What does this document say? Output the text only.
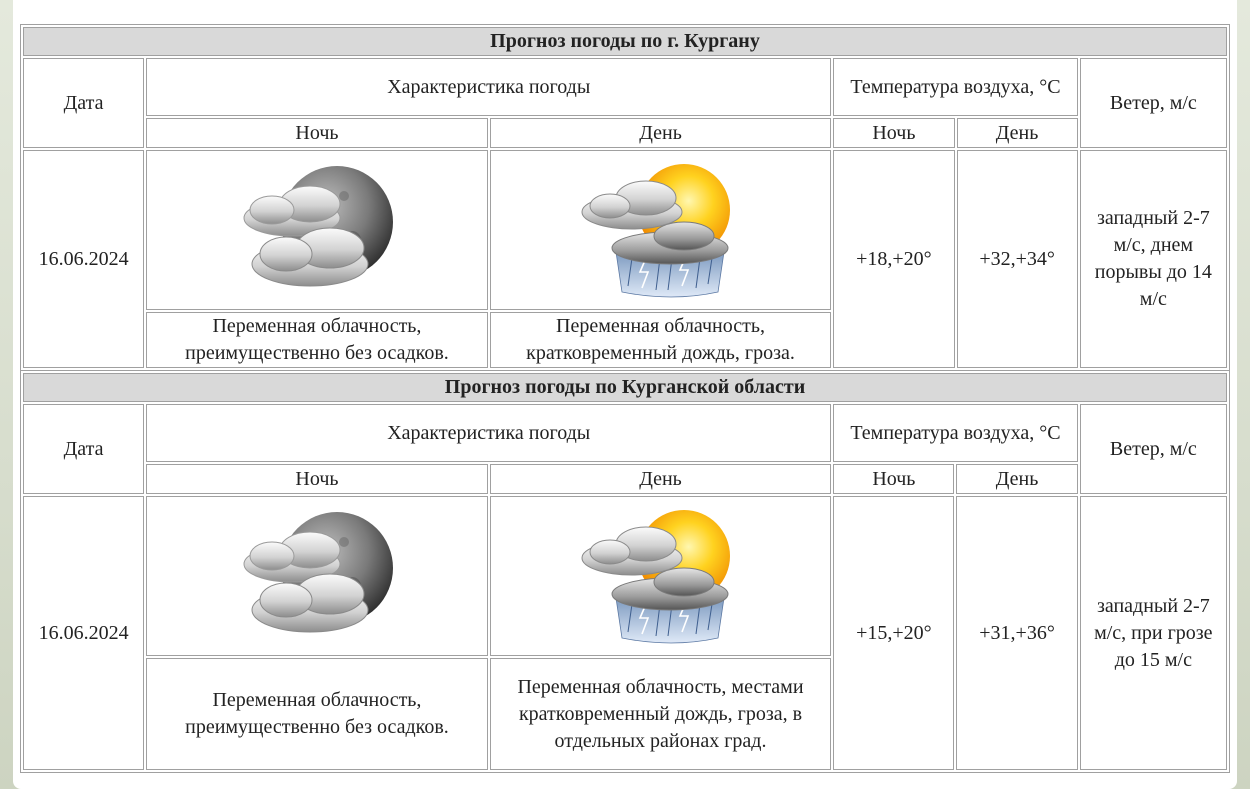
Прогноз погоды по г. Кургану					
Дата	Характеристика погоды		Температура воздуха, °C		Ветер, м/с
	Ночь	День	Ночь	День	
16.06.2024			+18,+20°	+32,+34°	западный 2-7 м/с, днем порывы до 14 м/с
	Переменная облачность, преимущественно без осадков.	Переменная облачность, кратковременный дождь, гроза.			
Прогноз погоды по Курганской области					
Дата	Характеристика погоды		Температура воздуха, °C		Ветер, м/с
	Ночь	День	Ночь	День	
16.06.2024			+15,+20°	+31,+36°	западный 2-7 м/с, при грозе до 15 м/с
	Переменная облачность, преимущественно без осадков.	Переменная облачность, местами кратковременный дождь, гроза, в отдельных районах град.			
